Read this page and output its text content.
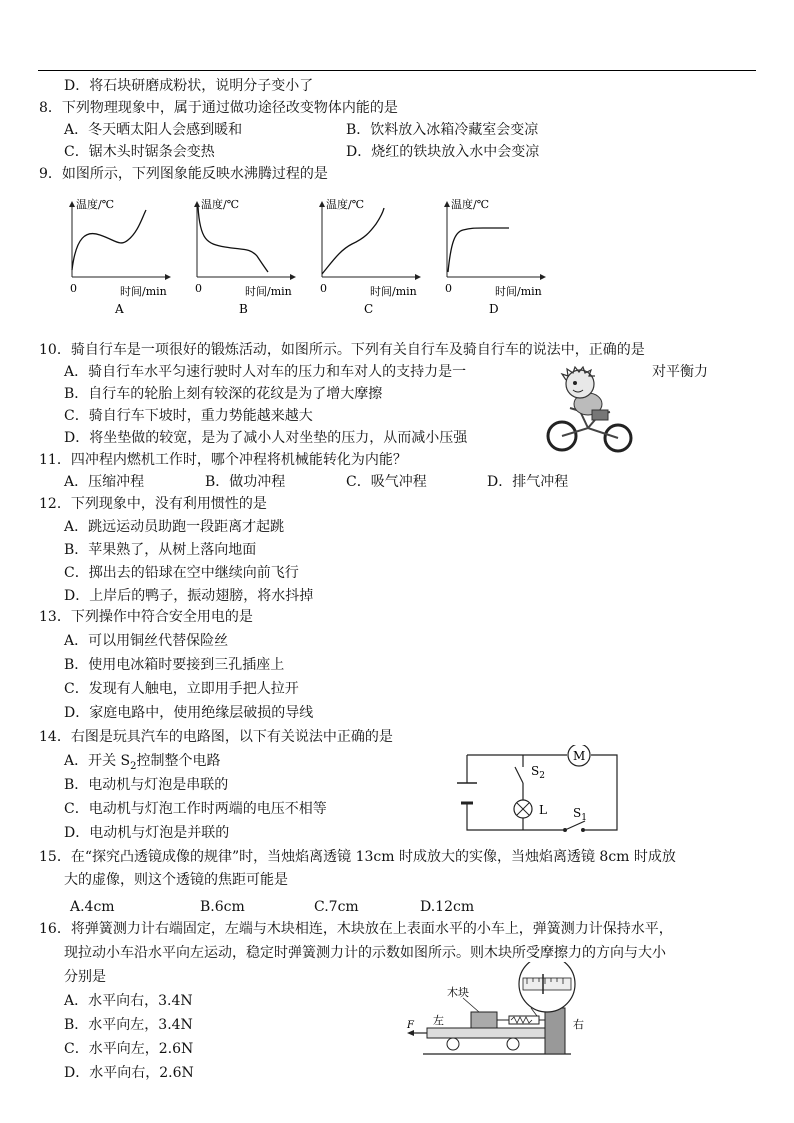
D．将石块研磨成粉状，说明分子变小了
8．下列物理现象中，属于通过做功途径改变物体内能的是
A．冬天晒太阳人会感到暖和	B．饮料放入冰箱冷藏室会变凉
C．锯木头时锯条会变热	D．烧红的铁块放入水中会变凉
9．如图所示，下列图象能反映水沸腾过程的是
温度/℃
0	时间/min
A
温度/℃
0	时间/min
B
温度/℃
0	时间/min
C
温度/℃
0	时间/min
D
10．骑自行车是一项很好的锻炼活动，如图所示。下列有关自行车及骑自行车的说法中，正确的是
A．骑自行车水平匀速行驶时人对车的压力和车对人的支持力是一	对平衡力
B．自行车的轮胎上刻有较深的花纹是为了增大摩擦
C．骑自行车下坡时，重力势能越来越大
D．将坐垫做的较宽，是为了减小人对坐垫的压力，从而减小压强
11．四冲程内燃机工作时，哪个冲程将机械能转化为内能？
A．压缩冲程	B．做功冲程	C．吸气冲程	D．排气冲程
12．下列现象中，没有利用惯性的是
A．跳远运动员助跑一段距离才起跳
B．苹果熟了，从树上落向地面
C．掷出去的铅球在空中继续向前飞行
D．上岸后的鸭子，振动翅膀，将水抖掉
13．下列操作中符合安全用电的是
A．可以用铜丝代替保险丝
B．使用电冰箱时要接到三孔插座上
C．发现有人触电，立即用手把人拉开
D．家庭电路中，使用绝缘层破损的导线
14．右图是玩具汽车的电路图，以下有关说法中正确的是
A．开关 $S_2$控制整个电路
B．电动机与灯泡是串联的
C．电动机与灯泡工作时两端的电压不相等
D．电动机与灯泡是并联的
M
$S_2$
L $S_1$
15．在“探究凸透镜成像的规律”时，当烛焰离透镜 13cm 时成放大的实像，当烛焰离透镜 8cm 时成放
大的虚像，则这个透镜的焦距可能是
A.4cm	B.6cm	C.7cm	D.12cm
16．将弹簧测力计右端固定，左端与木块相连，木块放在上表面水平的小车上，弹簧测力计保持水平，
现拉动小车沿水平向左运动，稳定时弹簧测力计的示数如图所示。则木块所受摩擦力的方向与大小
分别是
A．水平向右，3.4N
B．水平向左，3.4N
C．水平向左，2.6N
D．水平向右，2.6N
F
木块
左	右
